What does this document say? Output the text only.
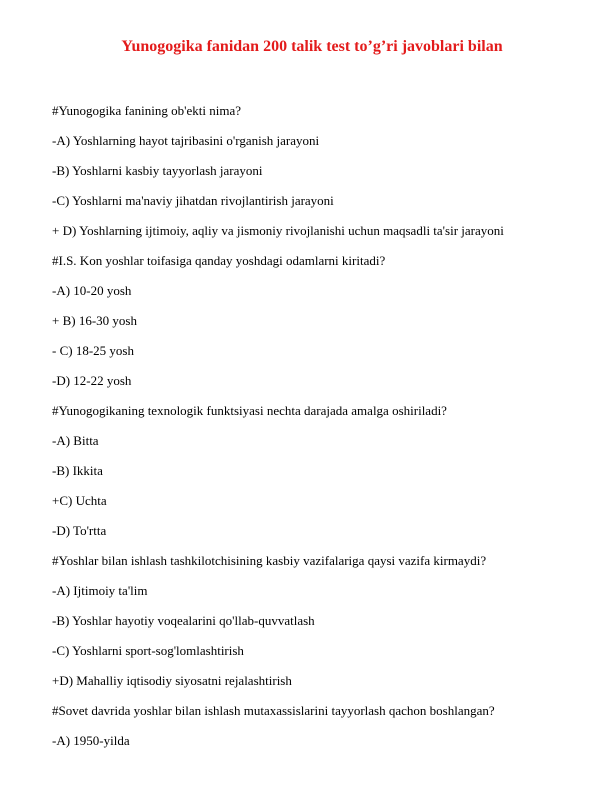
Yunogogika fanidan 200 talik test to’g’ri javoblari bilan
#Yunogogika fanining ob'ekti nima?
-A) Yoshlarning hayot tajribasini o'rganish jarayoni
-B) Yoshlarni kasbiy tayyorlash jarayoni
-C) Yoshlarni ma'naviy jihatdan rivojlantirish jarayoni
+ D) Yoshlarning ijtimoiy, aqliy va jismoniy rivojlanishi uchun maqsadli ta'sir jarayoni
#I.S. Kon yoshlar toifasiga qanday yoshdagi odamlarni kiritadi?
-A) 10-20 yosh
+ B) 16-30 yosh
- C) 18-25 yosh
-D) 12-22 yosh
#Yunogogikaning texnologik funktsiyasi nechta darajada amalga oshiriladi?
-A) Bitta
-B) Ikkita
+C) Uchta
-D) To'rtta
#Yoshlar bilan ishlash tashkilotchisining kasbiy vazifalariga qaysi vazifa kirmaydi?
-A) Ijtimoiy ta'lim
-B) Yoshlar hayotiy voqealarini qo'llab-quvvatlash
-C) Yoshlarni sport-sog'lomlashtirish
+D) Mahalliy iqtisodiy siyosatni rejalashtirish
#Sovet davrida yoshlar bilan ishlash mutaxassislarini tayyorlash qachon boshlangan?
-A) 1950-yilda
